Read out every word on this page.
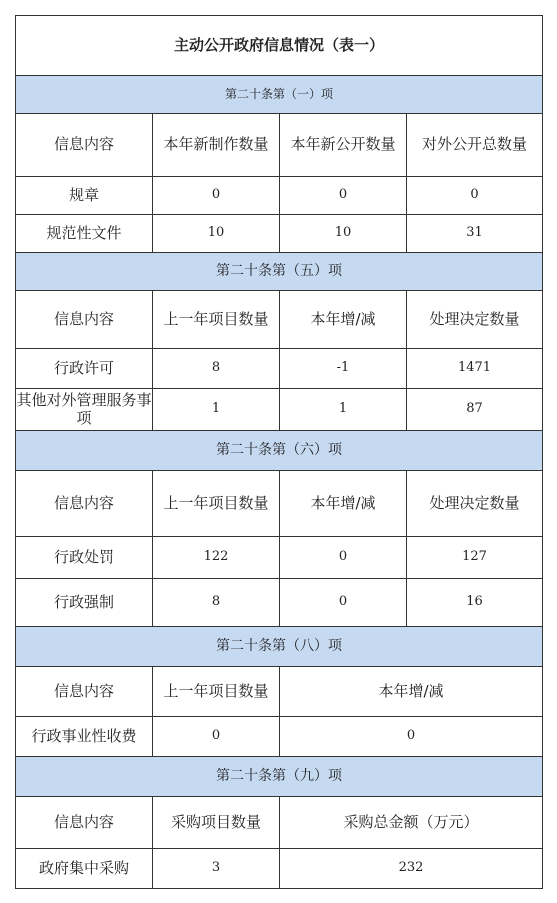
主动公开政府信息情况（表一）			
第二十条第（一）项			
信息内容	本年新制作数量	本年新公开数量	对外公开总数量
规章	0	0	0
规范性文件	10	10	31
第二十条第（五）项			
信息内容	上一年项目数量	本年增/减	处理决定数量
行政许可	8	-1	1471
其他对外管理服务事项	1	1	87
第二十条第（六）项			
信息内容	上一年项目数量	本年增/减	处理决定数量
行政处罚	122	0	127
行政强制	8	0	16
第二十条第（八）项			
信息内容	上一年项目数量	本年增/减	
行政事业性收费	0	0	
第二十条第（九）项			
信息内容	采购项目数量	采购总金额（万元）	
政府集中采购	3	232	
